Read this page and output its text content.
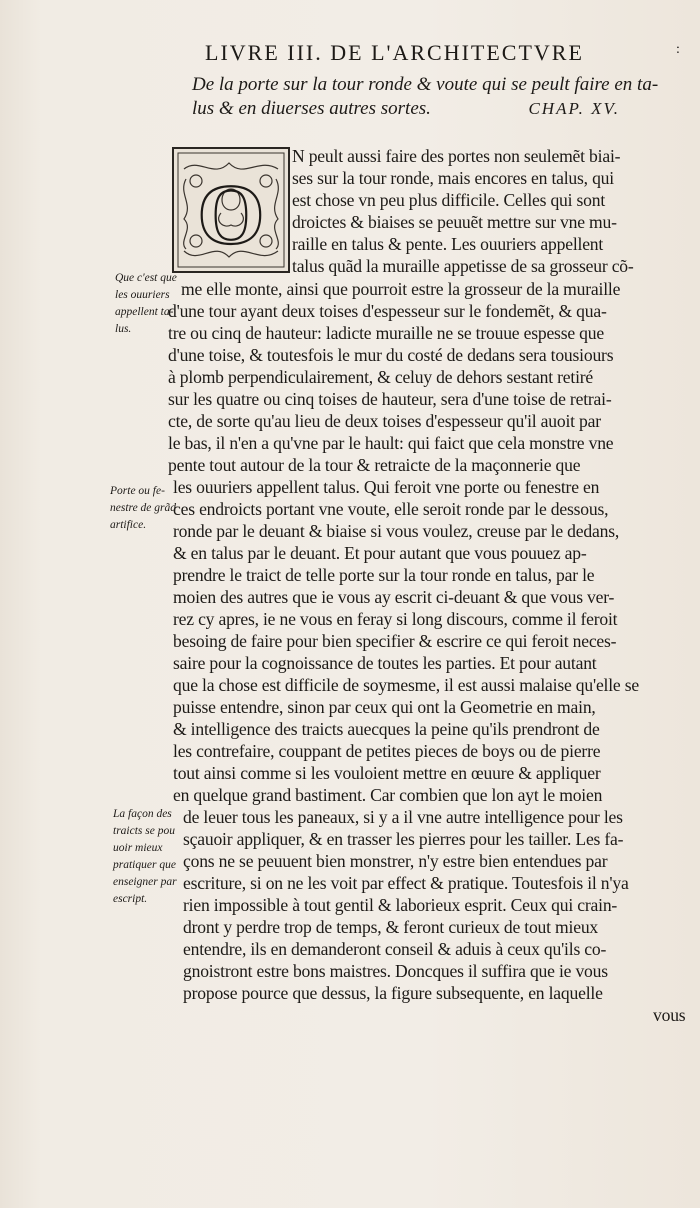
LIVRE III. DE L'ARCHITECTVRE	:
De la porte sur la tour ronde & voute qui se peult faire en ta-
lus & en diuerses autres sortes.	CHAP. XV.
O
N peult aussi faire des portes non seulemẽt biai-
ses sur la tour ronde, mais encores en talus, qui
est chose vn peu plus difficile. Celles qui sont
droictes & biaises se peuuẽt mettre sur vne mu-
raille en talus & pente. Les ouuriers appellent
talus quãd la muraille appetisse de sa grosseur cõ-
me elle monte, ainsi que pourroit estre la grosseur de la muraille
d'une tour ayant deux toises d'espesseur sur le fondemẽt, & qua-
tre ou cinq de hauteur: ladicte muraille ne se trouue espesse que
d'une toise, & toutesfois le mur du costé de dedans sera tousiours
à plomb perpendiculairement, & celuy de dehors sestant retiré
sur les quatre ou cinq toises de hauteur, sera d'une toise de retrai-
cte, de sorte qu'au lieu de deux toises d'espesseur qu'il auoit par
le bas, il n'en a qu'vne par le hault: qui faict que cela monstre vne
pente tout autour de la tour & retraicte de la maçonnerie que
les ouuriers appellent talus. Qui feroit vne porte ou fenestre en
ces endroicts portant vne voute, elle seroit ronde par le dessous,
ronde par le deuant & biaise si vous voulez, creuse par le dedans,
& en talus par le deuant. Et pour autant que vous pouuez ap-
prendre le traict de telle porte sur la tour ronde en talus, par le
moien des autres que ie vous ay escrit ci-deuant & que vous ver-
rez cy apres, ie ne vous en feray si long discours, comme il feroit
besoing de faire pour bien specifier & escrire ce qui feroit neces-
saire pour la cognoissance de toutes les parties. Et pour autant
que la chose est difficile de soymesme, il est aussi malaise qu'elle se
puisse entendre, sinon par ceux qui ont la Geometrie en main,
& intelligence des traicts auecques la peine qu'ils prendront de
les contrefaire, couppant de petites pieces de boys ou de pierre
tout ainsi comme si les vouloient mettre en œuure & appliquer
en quelque grand bastiment. Car combien que lon ayt le moien
de leuer tous les paneaux, si y a il vne autre intelligence pour les
sçauoir appliquer, & en trasser les pierres pour les tailler. Les fa-
çons ne se peuuent bien monstrer, n'y estre bien entendues par
escriture, si on ne les voit par effect & pratique. Toutesfois il n'ya
rien impossible à tout gentil & laborieux esprit. Ceux qui crain-
dront y perdre trop de temps, & feront curieux de tout mieux
entendre, ils en demanderont conseil & aduis à ceux qu'ils co-
gnoistront estre bons maistres. Doncques il suffira que ie vous
propose pource que dessus, la figure subsequente, en laquelle
vous
Que c'est que
les ouuriers
appellent ta-
lus.
Porte ou fe-
nestre de grãd
artifice.
La façon des
traicts se pou
uoir mieux
pratiquer que
enseigner par
escript.
